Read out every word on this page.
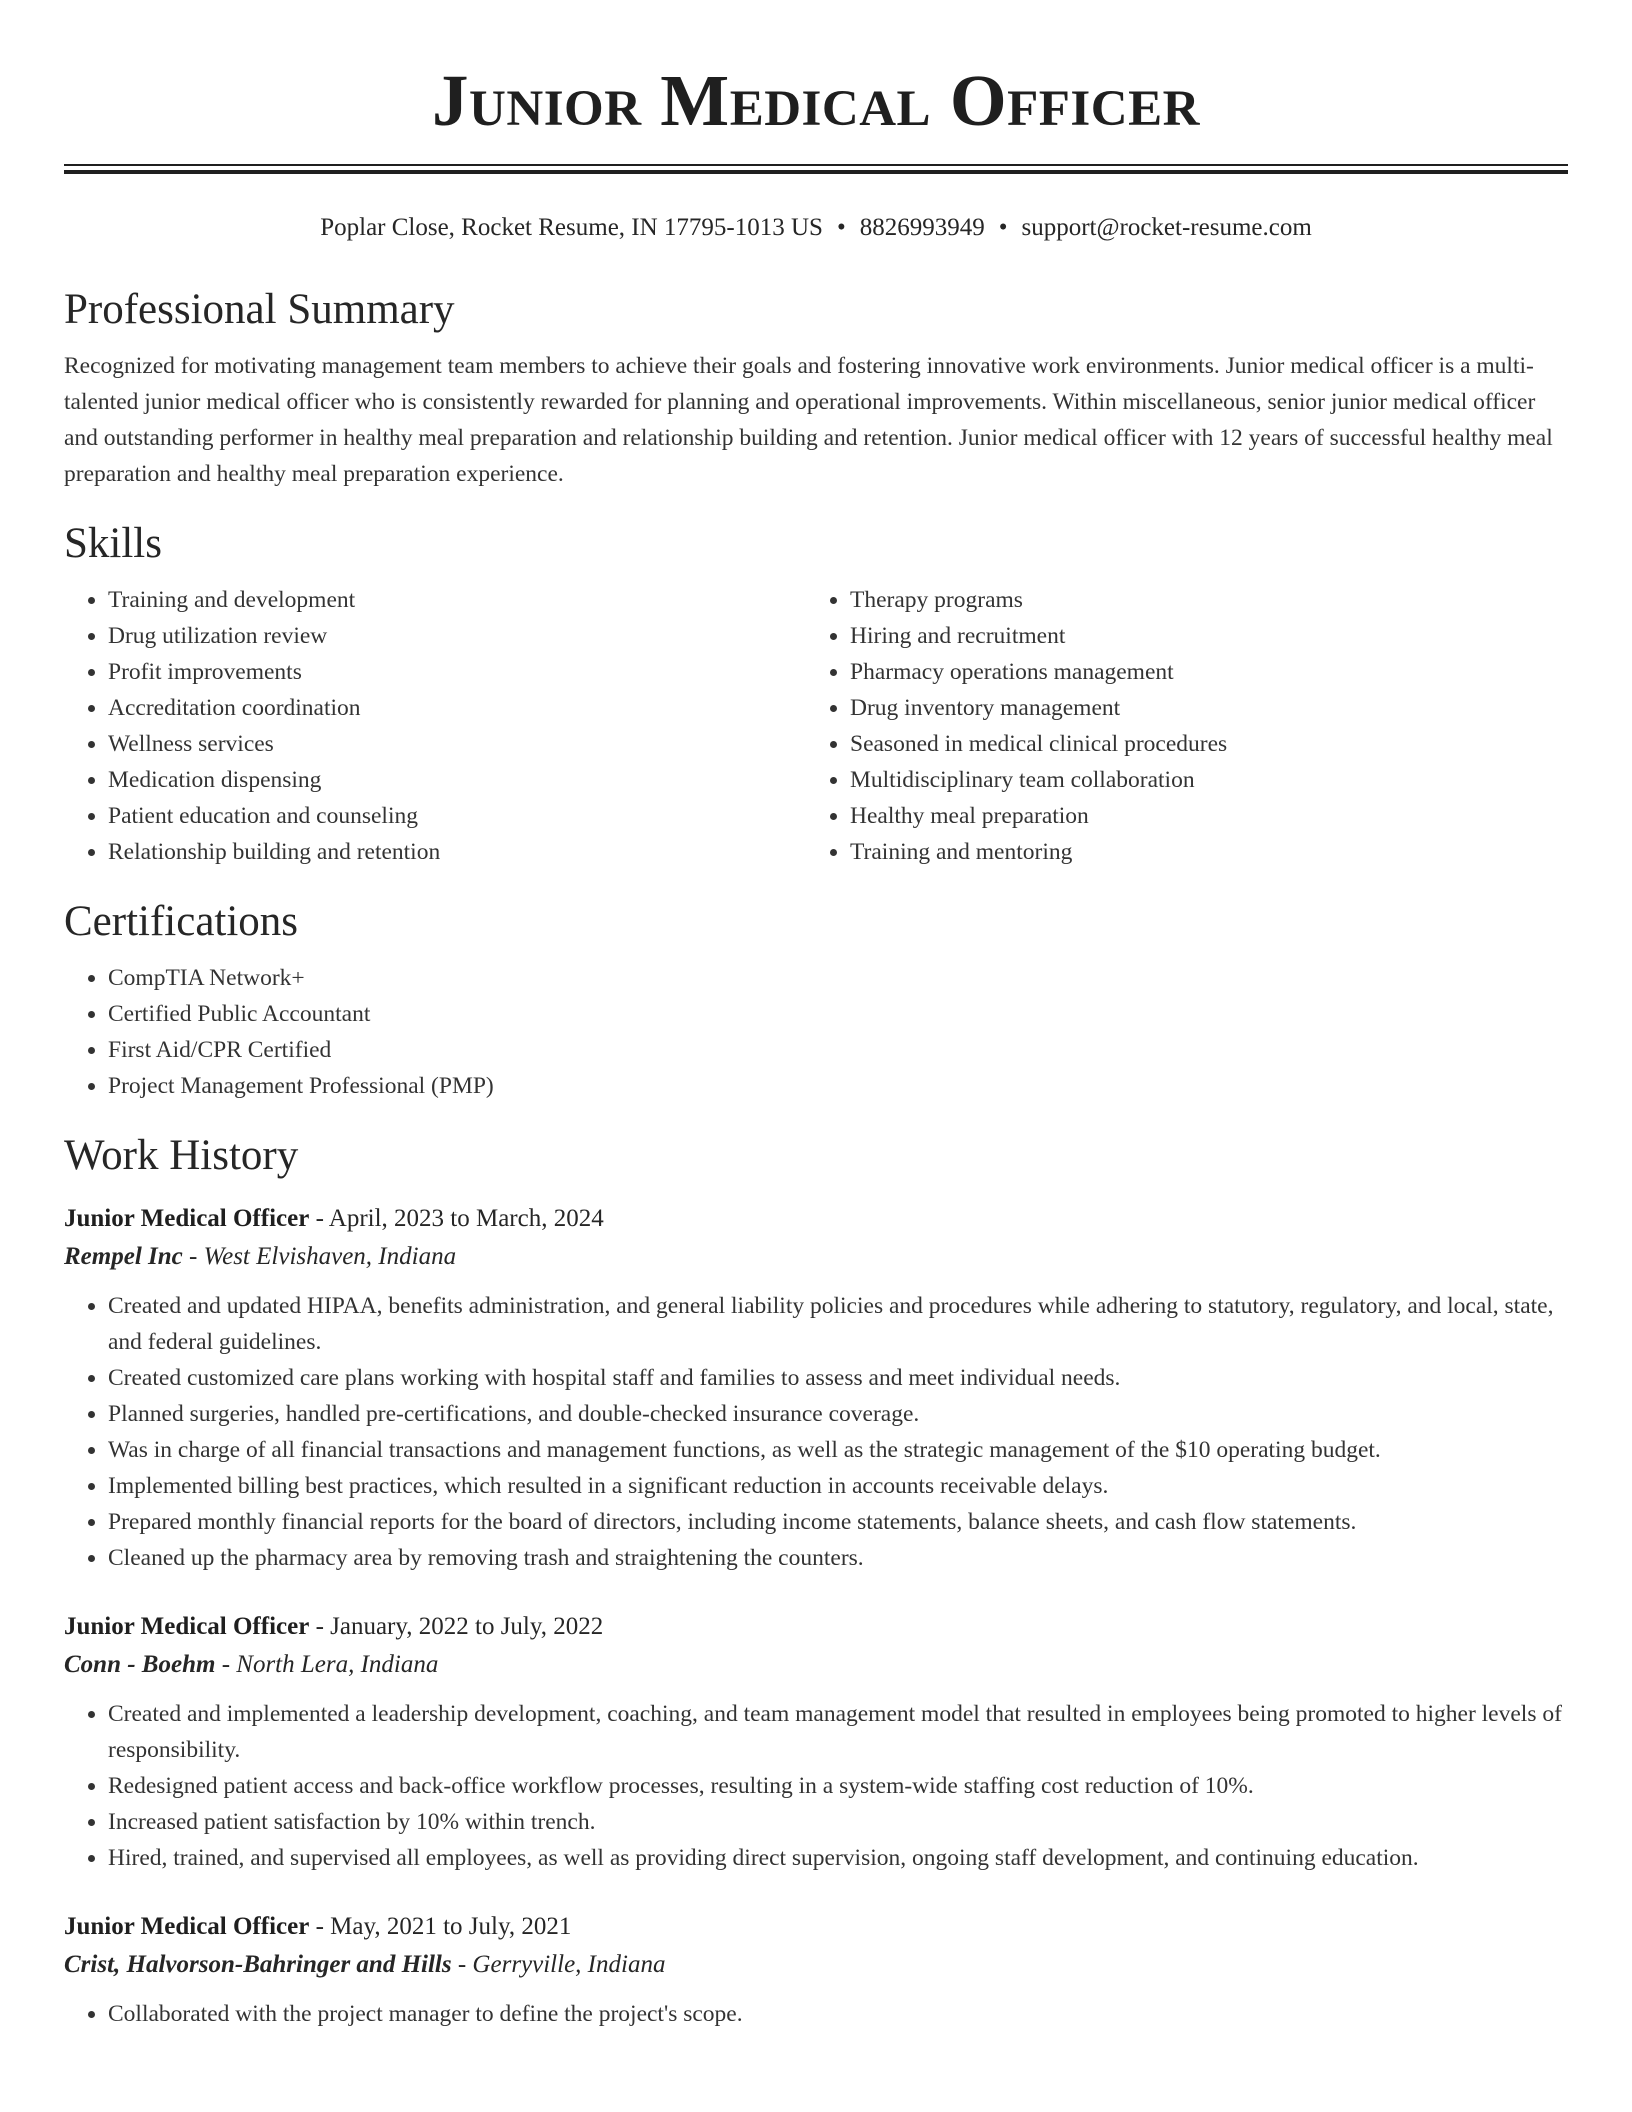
Junior Medical Officer
Poplar Close, Rocket Resume, IN 17795-1013 US • 8826993949 • support@rocket-resume.com
Professional Summary

Recognized for motivating management team members to achieve their goals and fostering innovative work environments. Junior medical officer is a multi-talented junior medical officer who is consistently rewarded for planning and operational improvements. Within miscellaneous, senior junior medical officer and outstanding performer in healthy meal preparation and relationship building and retention. Junior medical officer with 12 years of successful healthy meal preparation and healthy meal preparation experience.

Skills
• Training and development
• Drug utilization review
• Profit improvements
• Accreditation coordination
• Wellness services
• Medication dispensing
• Patient education and counseling
• Relationship building and retention
• Therapy programs
• Hiring and recruitment
• Pharmacy operations management
• Drug inventory management
• Seasoned in medical clinical procedures
• Multidisciplinary team collaboration
• Healthy meal preparation
• Training and mentoring
Certifications
• CompTIA Network+
• Certified Public Accountant
• First Aid/CPR Certified
• Project Management Professional (PMP)
Work History
Junior Medical Officer - April, 2023 to March, 2024
Rempel Inc - West Elvishaven, Indiana
• Created and updated HIPAA, benefits administration, and general liability policies and procedures while adhering to statutory, regulatory, and local, state, and federal guidelines.
• Created customized care plans working with hospital staff and families to assess and meet individual needs.
• Planned surgeries, handled pre-certifications, and double-checked insurance coverage.
• Was in charge of all financial transactions and management functions, as well as the strategic management of the $10 operating budget.
• Implemented billing best practices, which resulted in a significant reduction in accounts receivable delays.
• Prepared monthly financial reports for the board of directors, including income statements, balance sheets, and cash flow statements.
• Cleaned up the pharmacy area by removing trash and straightening the counters.
Junior Medical Officer - January, 2022 to July, 2022
Conn - Boehm - North Lera, Indiana
• Created and implemented a leadership development, coaching, and team management model that resulted in employees being promoted to higher levels of responsibility.
• Redesigned patient access and back-office workflow processes, resulting in a system-wide staffing cost reduction of 10%.
• Increased patient satisfaction by 10% within trench.
• Hired, trained, and supervised all employees, as well as providing direct supervision, ongoing staff development, and continuing education.
Junior Medical Officer - May, 2021 to July, 2021
Crist, Halvorson-Bahringer and Hills - Gerryville, Indiana
• Collaborated with the project manager to define the project's scope.
